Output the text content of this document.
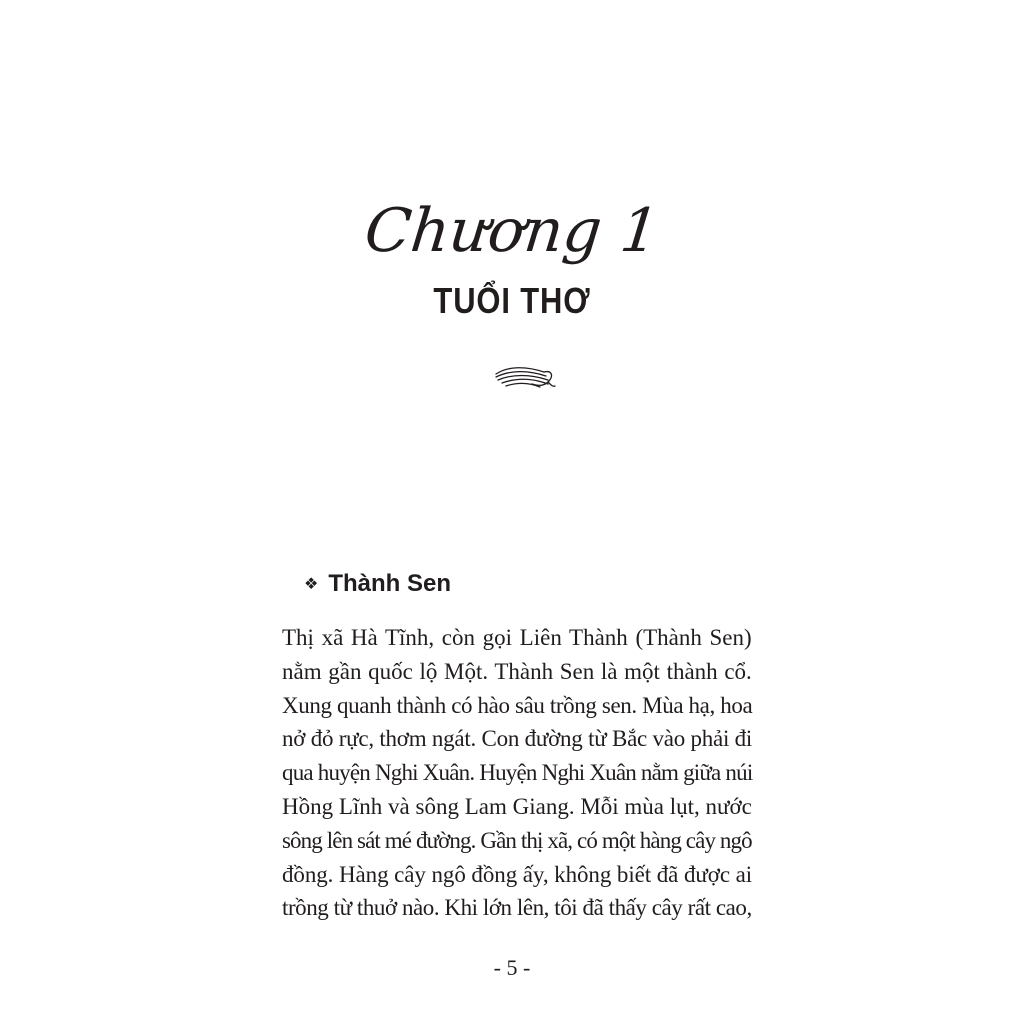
Chương 1
TUỔI THƠ
❖ Thành Sen
Thị xã Hà Tĩnh, còn gọi Liên Thành (Thành Sen)
nằm gần quốc lộ Một. Thành Sen là một thành cổ.
Xung quanh thành có hào sâu trồng sen. Mùa hạ, hoa
nở đỏ rực, thơm ngát. Con đường từ Bắc vào phải đi
qua huyện Nghi Xuân. Huyện Nghi Xuân nằm giữa núi
Hồng Lĩnh và sông Lam Giang. Mỗi mùa lụt, nước
sông lên sát mé đường. Gần thị xã, có một hàng cây ngô
đồng. Hàng cây ngô đồng ấy, không biết đã được ai
trồng từ thuở nào. Khi lớn lên, tôi đã thấy cây rất cao,
- 5 -
